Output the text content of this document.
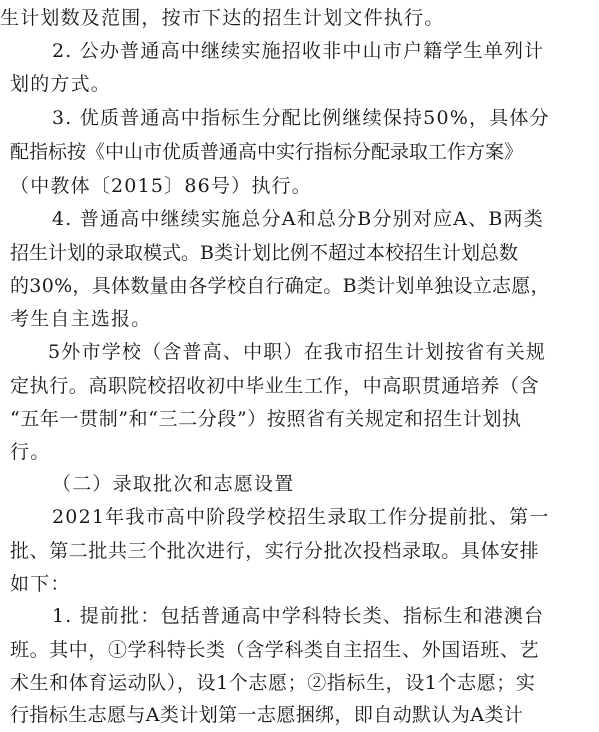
生计划数及范围，按市下达的招生计划文件执行。
2. 公办普通高中继续实施招收非中山市户籍学生单列计
划的方式。
3. 优质普通高中指标生分配比例继续保持50%，具体分
配指标按《中山市优质普通高中实行指标分配录取工作方案》
（中教体〔2015〕86号）执行。
4. 普通高中继续实施总分A和总分B分别对应A、B两类
招生计划的录取模式。B类计划比例不超过本校招生计划总数
的30%，具体数量由各学校自行确定。B类计划单独设立志愿，
考生自主选报。
5外市学校（含普高、中职）在我市招生计划按省有关规
定执行。高职院校招收初中毕业生工作，中高职贯通培养（含
“五年一贯制”和“三二分段”）按照省有关规定和招生计划执
行。
（二）录取批次和志愿设置
2021年我市高中阶段学校招生录取工作分提前批、第一
批、第二批共三个批次进行，实行分批次投档录取。具体安排
如下：
1. 提前批：包括普通高中学科特长类、指标生和港澳台
班。其中，①学科特长类（含学科类自主招生、外国语班、艺
术生和体育运动队），设1个志愿；②指标生，设1个志愿；实
行指标生志愿与A类计划第一志愿捆绑，即自动默认为A类计
